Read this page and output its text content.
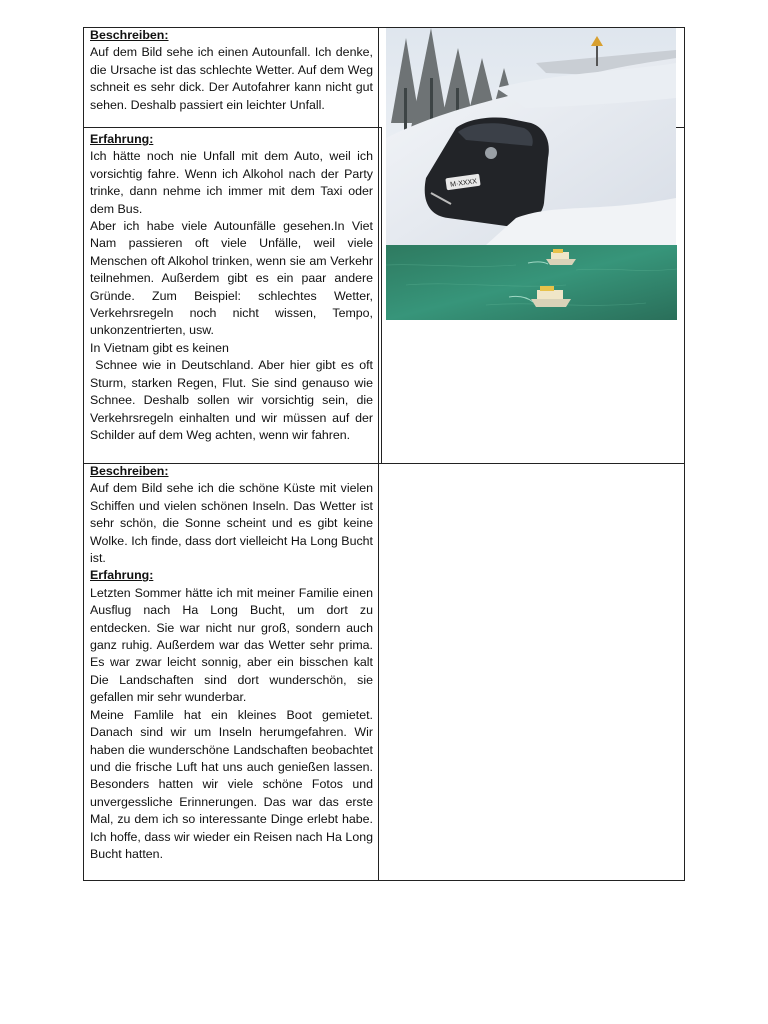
Beschreiben:

Auf dem Bild sehe ich einen Autounfall. Ich denke, die Ursache ist das schlechte Wetter. Auf dem Weg schneit es sehr dick. Der Autofahrer kann nicht gut sehen. Deshalb passiert ein leichter Unfall.

Erfahrung:

Ich hätte noch nie Unfall mit dem Auto, weil ich vorsichtig fahre. Wenn ich Alkohol nach der Party trinke, dann nehme ich immer mit dem Taxi oder dem Bus.

Aber ich habe viele Autounfälle gesehen.In Viet Nam passieren oft viele Unfälle, weil viele Menschen oft Alkohol trinken, wenn sie am Verkehr teilnehmen. Außerdem gibt es ein paar andere Gründe. Zum Beispiel: schlechtes Wetter, Verkehrsregeln noch nicht wissen, Tempo, unkonzentrierten, usw.

In Vietnam gibt es keinen

Schnee wie in Deutschland. Aber hier gibt es oft Sturm, starken Regen, Flut. Sie sind genauso wie Schnee. Deshalb sollen wir vorsichtig sein, die Verkehrsregeln einhalten und wir müssen auf der Schilder auf dem Weg achten, wenn wir fahren.

M·XXXX

Beschreiben:

Auf dem Bild sehe ich die schöne Küste mit vielen Schiffen und vielen schönen Inseln. Das Wetter ist sehr schön, die Sonne scheint und es gibt keine Wolke. Ich finde, dass dort vielleicht Ha Long Bucht ist.

Erfahrung:

Letzten Sommer hätte ich mit meiner Familie einen Ausflug nach Ha Long Bucht, um dort zu entdecken. Sie war nicht nur groß, sondern auch ganz ruhig. Außerdem war das Wetter sehr prima. Es war zwar leicht sonnig, aber ein bisschen kalt Die Landschaften sind dort wunderschön, sie gefallen mir sehr wunderbar.

Meine Famlile hat ein kleines Boot gemietet. Danach sind wir um Inseln herumgefahren. Wir haben die wunderschöne Landschaften beobachtet und die frische Luft hat uns auch genießen lassen. Besonders hatten wir viele schöne Fotos und unvergessliche Erinnerungen. Das war das erste Mal, zu dem ich so interessante Dinge erlebt habe. Ich hoffe, dass wir wieder ein Reisen nach Ha Long Bucht hatten.
